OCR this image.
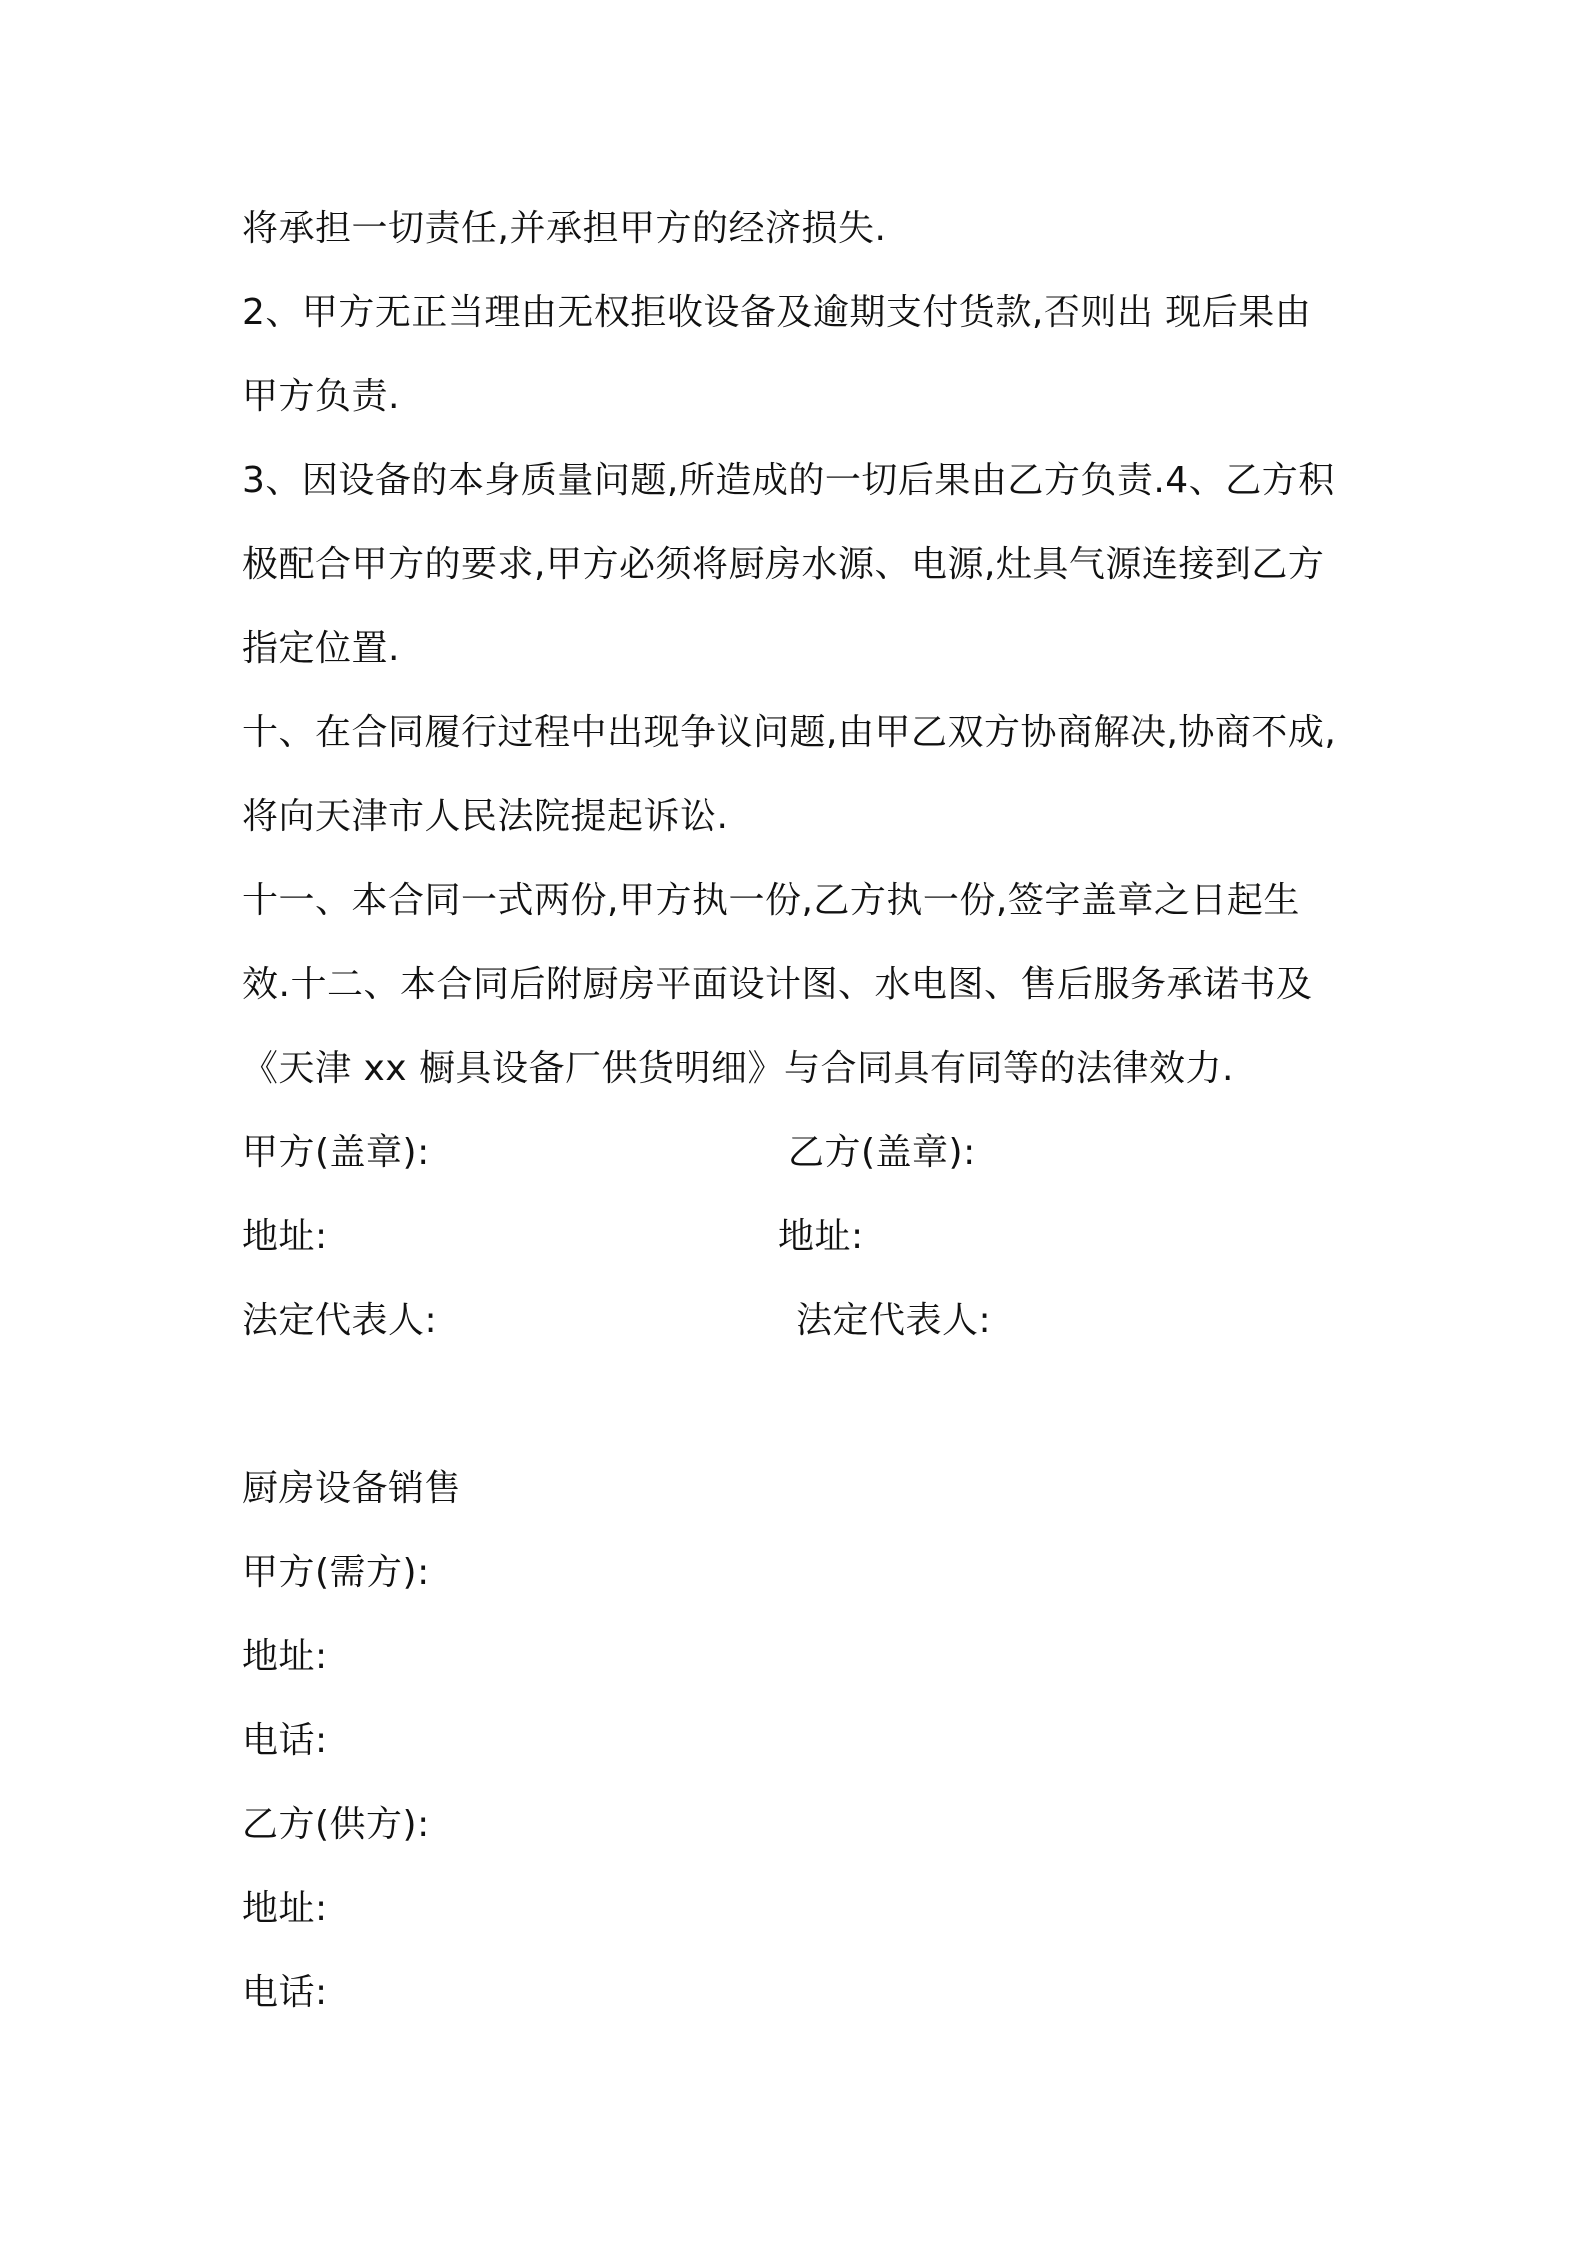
将承担一切责任,并承担甲方的经济损失.
2、甲方无正当理由无权拒收设备及逾期支付货款,否则出 现后果由
甲方负责.
3、因设备的本身质量问题,所造成的一切后果由乙方负责.4、乙方积
极配合甲方的要求,甲方必须将厨房水源、电源,灶具气源连接到乙方
指定位置.
十、在合同履行过程中出现争议问题,由甲乙双方协商解决,协商不成,
将向天津市人民法院提起诉讼.
十一、本合同一式两份,甲方执一份,乙方执一份,签字盖章之日起生
效.十二、本合同后附厨房平面设计图、水电图、售后服务承诺书及
《天津 xx 橱具设备厂供货明细》与合同具有同等的法律效力.
甲方(盖章):	乙方(盖章):
地址:	地址:
法定代表人:	法定代表人:
厨房设备销售
甲方(需方):
地址:
电话:
乙方(供方):
地址:
电话:
